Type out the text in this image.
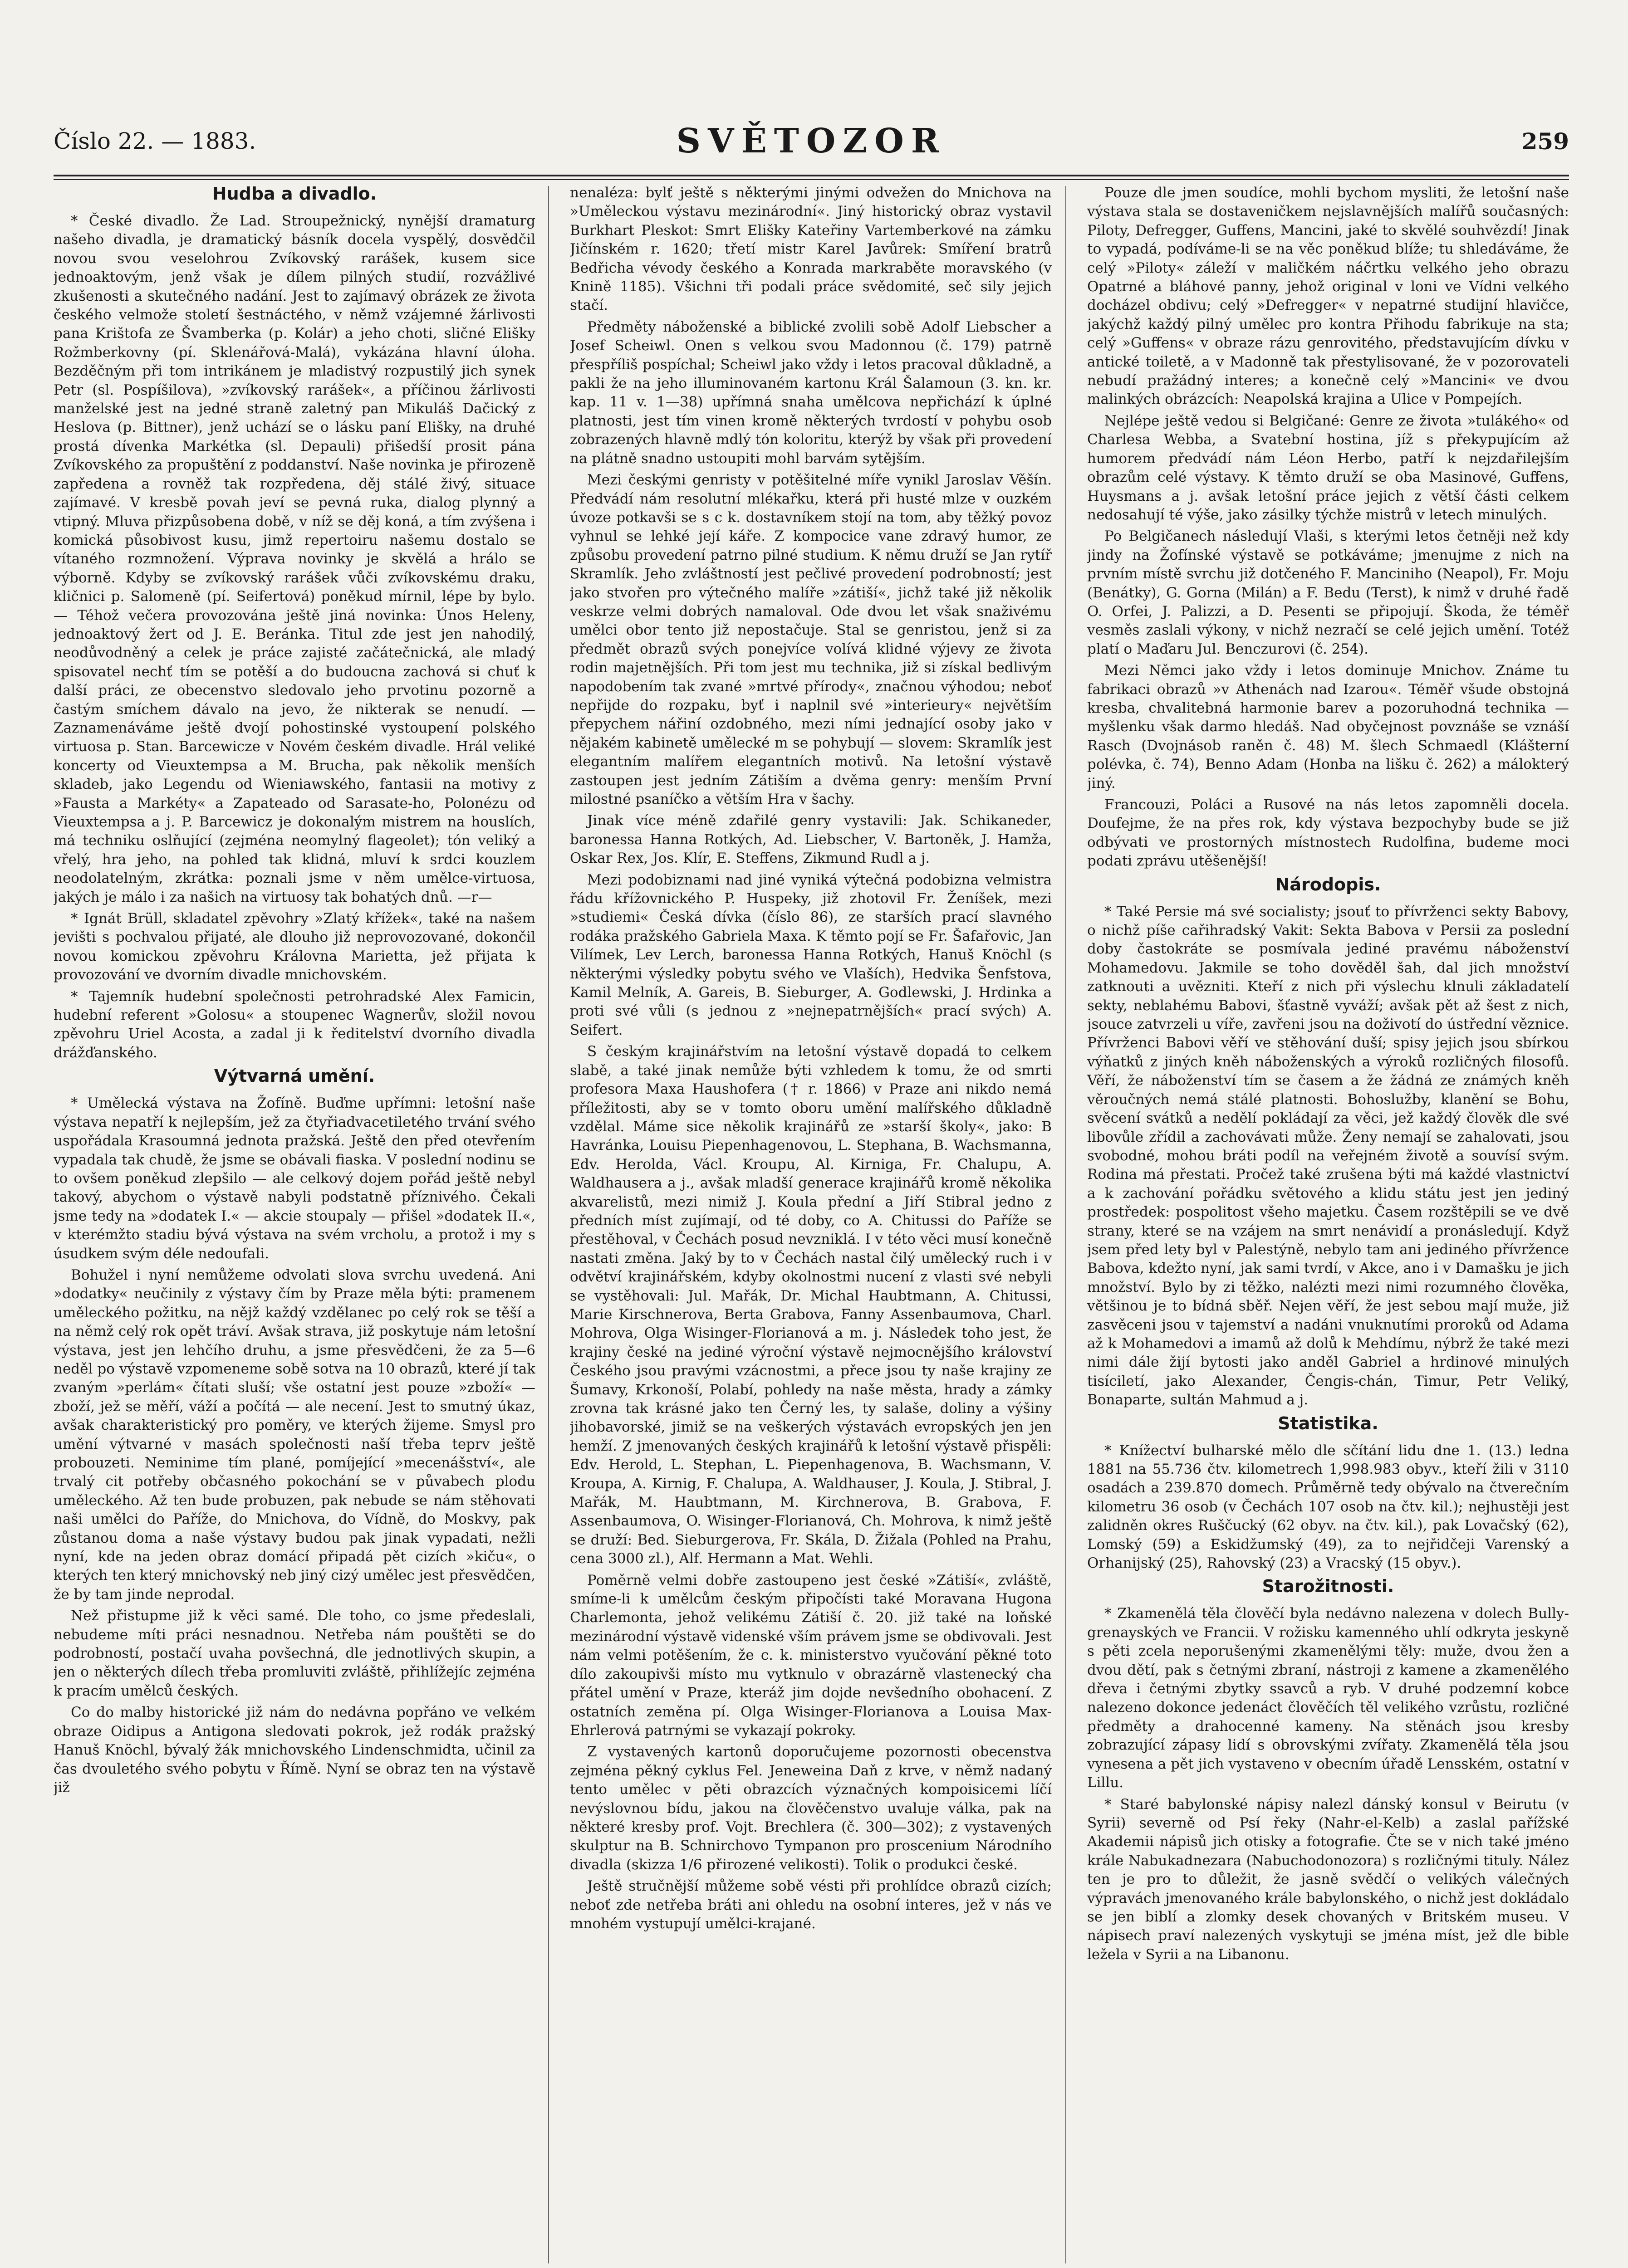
Číslo 22. — 1883.	SVĚTOZOR	259
Hudba a divadlo.

* České divadlo. Že Lad. Stroupežnický, nynější dramaturg našeho divadla, je dramatický básník docela vyspělý, dosvědčil novou svou veselohrou Zvíkovský rarášek, kusem sice jednoaktovým, jenž však je dílem pilných studií, rozvážlivé zkušenosti a skutečného nadání. Jest to zajímavý obrázek ze života českého velmože století šestnáctého, v němž vzájemné žárlivosti pana Krištofa ze Švamberka (p. Kolár) a jeho choti, sličné Elišky Rožmberkovny (pí. Sklenářová-Malá), vykázána hlavní úloha. Bezděčným při tom intrikánem je mladistvý rozpustilý jich synek Petr (sl. Pospíšilova), »zvíkovský rarášek«, a příčinou žárlivosti manželské jest na jedné straně zaletný pan Mikuláš Dačický z Heslova (p. Bittner), jenž uchází se o lásku paní Elišky, na druhé prostá dívenka Markétka (sl. Depauli) přišedší prosit pána Zvíkovského za propuštění z poddanství. Naše novinka je přirozeně zapředena a rovněž tak rozpředena, děj stálé živý, situace zajímavé. V kresbě povah jeví se pevná ruka, dialog plynný a vtipný. Mluva přizpůsobena době, v níž se děj koná, a tím zvýšena i komická působivost kusu, jimž repertoiru našemu dostalo se vítaného rozmnožení. Výprava novinky je skvělá a hrálo se výborně. Kdyby se zvíkovský rarášek vůči zvíkovskému draku, kličnici p. Salomeně (pí. Seifertová) poněkud mírnil, lépe by bylo. — Téhož večera provozována ještě jiná novinka: Únos Heleny, jednoaktový žert od J. E. Beránka. Titul zde jest jen nahodilý, neodůvodněný a celek je práce zajisté začátečnická, ale mladý spisovatel nechť tím se potěší a do budoucna zachová si chuť k další práci, ze obecenstvo sledovalo jeho prvotinu pozorně a častým smíchem dávalo na jevo, že nikterak se nenudí. — Zaznamenáváme ještě dvojí pohostinské vystoupení polského virtuosa p. Stan. Barcewicze v Novém českém divadle. Hrál veliké koncerty od Vieuxtempsa a M. Brucha, pak několik menších skladeb, jako Legendu od Wieniawského, fantasii na motivy z »Fausta a Markéty« a Zapateado od Sarasate-ho, Polonézu od Vieuxtempsa a j. P. Barcewicz je dokonalým mistrem na houslích, má techniku oslňující (zejména neomylný flageolet); tón veliký a vřelý, hra jeho, na pohled tak klidná, mluví k srdci kouzlem neodolatelným, zkrátka: poznali jsme v něm umělce-virtuosa, jakých je málo i za našich na virtuosy tak bohatých dnů. —r—

* Ignát Brüll, skladatel zpěvohry »Zlatý křížek«, také na našem jevišti s pochvalou přijaté, ale dlouho již neprovozované, dokončil novou komickou zpěvohru Královna Marietta, jež přijata k provozování ve dvorním divadle mnichovském.

* Tajemník hudební společnosti petrohradské Alex Famicin, hudební referent »Golosu« a stoupenec Wagnerův, složil novou zpěvohru Uriel Acosta, a zadal ji k ředitelství dvorního divadla drážďanského.

Výtvarná umění.

* Umělecká výstava na Žofíně. Buďme upřímni: letošní naše výstava nepatří k nejlepším, jež za čtyřiadvacetiletého trvání svého uspořádala Krasoumná jednota pražská. Ještě den před otevřením vypadala tak chudě, že jsme se obávali fiaska. V poslední nodinu se to ovšem poněkud zlepšilo — ale celkový dojem pořád ještě nebyl takový, abychom o výstavě nabyli podstatně příznivého. Čekali jsme tedy na »dodatek I.« — akcie stoupaly — přišel »dodatek II.«, v kterémžto stadiu bývá výstava na svém vrcholu, a protož i my s úsudkem svým déle nedoufali.

Bohužel i nyní nemůžeme odvolati slova svrchu uvedená. Ani »dodatky« neučinily z výstavy čím by Praze měla býti: pramenem uměleckého požitku, na nějž každý vzdělanec po celý rok se těší a na němž celý rok opět tráví. Avšak strava, již poskytuje nám letošní výstava, jest jen lehčího druhu, a jsme přesvědčeni, že za 5—6 neděl po výstavě vzpomeneme sobě sotva na 10 obrazů, které jí tak zvaným »perlám« čítati sluší; vše ostatní jest pouze »zboží« — zboží, jež se měří, váží a počítá — ale necení. Jest to smutný úkaz, avšak charakteristický pro poměry, ve kterých žijeme. Smysl pro umění výtvarné v masách společnosti naší třeba teprv ještě probouzeti. Neminime tím plané, pomíjející »mecenášství«, ale trvalý cit potřeby občasného pokochání se v půvabech plodu uměleckého. Až ten bude probuzen, pak nebude se nám stěhovati naši umělci do Paříže, do Mnichova, do Vídně, do Moskvy, pak zůstanou doma a naše výstavy budou pak jinak vypadati, nežli nyní, kde na jeden obraz domácí připadá pět cizích »kiču«, o kterých ten který mnichovský neb jiný cizý umělec jest přesvědčen, že by tam jinde neprodal.

Než přistupme již k věci samé. Dle toho, co jsme předeslali, nebudeme míti práci nesnadnou. Netřeba nám pouštěti se do podrobností, postačí uvaha povšechná, dle jednotlivých skupin, a jen o některých dílech třeba promluviti zvláště, přihlížejíc zejména k pracím umělců českých.

Co do malby historické již nám do nedávna popřáno ve velkém obraze Oidipus a Antigona sledovati pokrok, jež rodák pražský Hanuš Knöchl, bývalý žák mnichovského Lindenschmidta, učinil za čas dvouletého svého pobytu v Římě. Nyní se obraz ten na výstavě již

nenaléza: bylť ještě s některými jinými odvežen do Mnichova na »Uměleckou výstavu mezinárodní«. Jiný historický obraz vystavil Burkhart Pleskot: Smrt Elišky Kateřiny Vartemberkové na zámku Jičínském r. 1620; třetí mistr Karel Javůrek: Smíření bratrů Bedřicha vévody českého a Konrada markraběte moravského (v Knině 1185). Všichni tři podali práce svědomité, seč sily jejich stačí.

Předměty náboženské a biblické zvolili sobě Adolf Liebscher a Josef Scheiwl. Onen s velkou svou Madonnou (č. 179) patrně přespříliš pospíchal; Scheiwl jako vždy i letos pracoval důkladně, a pakli že na jeho illuminovaném kartonu Král Šalamoun (3. kn. kr. kap. 11 v. 1—38) upřímná snaha umělcova nepřichází k úplné platnosti, jest tím vinen kromě některých tvrdostí v pohybu osob zobrazených hlavně mdlý tón koloritu, kterýž by však při provedení na plátně snadno ustoupiti mohl barvám sytějším.

Mezi českými genristy v potěšitelné míře vynikl Jaroslav Věšín. Předvádí nám resolutní mlékařku, která při husté mlze v ouzkém úvoze potkavši se s c k. dostavníkem stojí na tom, aby těžký povoz vyhnul se lehké její káře. Z kompocice vane zdravý humor, ze způsobu provedení patrno pilné studium. K němu druží se Jan rytíř Skramlík. Jeho zvláštností jest pečlivé provedení podrobností; jest jako stvořen pro výtečného malíře »zátiší«, jichž také již několik veskrze velmi dobrých namaloval. Ode dvou let však snaživému umělci obor tento již nepostačuje. Stal se genristou, jenž si za předmět obrazů svých ponejvíce volívá klidné výjevy ze života rodin majetnějších. Při tom jest mu technika, již si získal bedlivým napodobením tak zvané »mrtvé přírody«, značnou výhodou; neboť nepřijde do rozpaku, byť i naplnil své »interieury« největším přepychem nářiní ozdobného, mezi ními jednající osoby jako v nějakém kabinetě umělecké m se pohybují — slovem: Skramlík jest elegantním malířem elegantních motivů. Na letošní výstavě zastoupen jest jedním Zátiším a dvěma genry: menším První milostné psaníčko a větším Hra v šachy.

Jinak více méně zdařilé genry vystavili: Jak. Schikaneder, baronessa Hanna Rotkých, Ad. Liebscher, V. Bartoněk, J. Hamža, Oskar Rex, Jos. Klír, E. Steffens, Zikmund Rudl a j.

Mezi podobiznami nad jiné vyniká výtečná podobizna velmistra řádu křížovnického P. Huspeky, již zhotovil Fr. Ženíšek, mezi »studiemi« Česká dívka (číslo 86), ze starších prací slavného rodáka pražského Gabriela Maxa. K těmto pojí se Fr. Šafařovic, Jan Vilímek, Lev Lerch, baronessa Hanna Rotkých, Hanuš Knöchl (s některými výsledky pobytu svého ve Vlaších), Hedvika Šenfstova, Kamil Melník, A. Gareis, B. Sieburger, A. Godlewski, J. Hrdinka a proti své vůli (s jednou z »nejnepatrnějších« prací svých) A. Seifert.

S českým krajinářstvím na letošní výstavě dopadá to celkem slabě, a také jinak nemůže býti vzhledem k tomu, že od smrti profesora Maxa Haushofera († r. 1866) v Praze ani nikdo nemá příležitosti, aby se v tomto oboru umění malířského důkladně vzdělal. Máme sice několik krajinářů ze »starší školy«, jako: B Havránka, Louisu Piepenhagenovou, L. Stephana, B. Wachsmanna, Edv. Herolda, Václ. Kroupu, Al. Kirniga, Fr. Chalupu, A. Waldhausera a j., avšak mladší generace krajinářů kromě několika akvarelistů, mezi nimiž J. Koula přední a Jiří Stibral jedno z předních míst zujímají, od té doby, co A. Chitussi do Paříže se přestěhoval, v Čechách posud nevzniklá. I v této věci musí konečně nastati změna. Jaký by to v Čechách nastal čilý umělecký ruch i v odvětví krajinářském, kdyby okolnostmi nucení z vlasti své nebyli se vystěhovali: Jul. Mařák, Dr. Michal Haubtmann, A. Chitussi, Marie Kirschnerova, Berta Grabova, Fanny Assenbaumova, Charl. Mohrova, Olga Wisinger-Florianová a m. j. Následek toho jest, že krajiny české na jediné výroční výstavě nejmocnějšího království Českého jsou pravými vzácnostmi, a přece jsou ty naše krajiny ze Šumavy, Krkonoší, Polabí, pohledy na naše města, hrady a zámky zrovna tak krásné jako ten Černý les, ty salaše, doliny a výšiny jihobavorské, jimiž se na veškerých výstavách evropských jen jen hemží. Z jmenovaných českých krajinářů k letošní výstavě přispěli: Edv. Herold, L. Stephan, L. Piepenhagenova, B. Wachsmann, V. Kroupa, A. Kirnig, F. Chalupa, A. Waldhauser, J. Koula, J. Stibral, J. Mařák, M. Haubtmann, M. Kirchnerova, B. Grabova, F. Assenbaumova, O. Wisinger-Florianová, Ch. Mohrova, k nimž ještě se druží: Bed. Sieburgerova, Fr. Skála, D. Žižala (Pohled na Prahu, cena 3000 zl.), Alf. Hermann a Mat. Wehli.

Poměrně velmi dobře zastoupeno jest české »Zátiší«, zvláště, smíme-li k umělcům českým připočísti také Moravana Hugona Charlemonta, jehož velikému Zátiší č. 20. již také na loňské mezinárodní výstavě videnské vším právem jsme se obdivovali. Jest nám velmi potěšením, že c. k. ministerstvo vyučování pěkné toto dílo zakoupivši místo mu vytknulo v obrazárně vlastenecký cha přátel umění v Praze, kteráž jim dojde nevšedního obohacení. Z ostatních zeměna pí. Olga Wisinger-Florianova a Louisa Max-Ehrlerová patrnými se vykazají pokroky.

Z vystavených kartonů doporučujeme pozornosti obecenstva zejména pěkný cyklus Fel. Jeneweina Daň z krve, v němž nadaný tento umělec v pěti obrazcích význačných kompoisicemi líčí nevýslovnou bídu, jakou na člověčenstvo uvaluje válka, pak na některé kresby prof. Vojt. Brechlera (č. 300—302); z vystavených skulptur na B. Schnirchovo Tympanon pro proscenium Národního divadla (skizza 1/6 přirozené velikosti). Tolik o produkci české.

Ještě stručnější můžeme sobě vésti při prohlídce obrazů cizích; neboť zde netřeba bráti ani ohledu na osobní interes, jež v nás ve mnohém vystupují umělci-krajané.

Pouze dle jmen soudíce, mohli bychom mysliti, že letošní naše výstava stala se dostaveničkem nejslavnějších malířů současných: Piloty, Defregger, Guffens, Mancini, jaké to skvělé souhvězdí! Jinak to vypadá, podíváme-li se na věc poněkud blíže; tu shledáváme, že celý »Piloty« záleží v maličkém náčrtku velkého jeho obrazu Opatrné a bláhové panny, jehož original v loni ve Vídni velkého docházel obdivu; celý »Defregger« v nepatrné studijní hlavičce, jakýchž každý pilný umělec pro kontra Přihodu fabrikuje na sta; celý »Guffens« v obraze rázu genrovitého, představujícím dívku v antické toiletě, a v Madonně tak přestylisované, že v pozorovateli nebudí pražádný interes; a konečně celý »Mancini« ve dvou malinkých obrázcích: Neapolská krajina a Ulice v Pompejích.

Nejlépe ještě vedou si Belgičané: Genre ze života »tulákého« od Charlesa Webba, a Svatební hostina, jíž s překypujícím až humorem předvádí nám Léon Herbo, patří k nejzdařilejším obrazům celé výstavy. K těmto druží se oba Masinové, Guffens, Huysmans a j. avšak letošní práce jejich z větší části celkem nedosahují té výše, jako zásilky týchže mistrů v letech minulých.

Po Belgičanech následují Vlaši, s kterými letos četněji než kdy jindy na Žofínské výstavě se potkáváme; jmenujme z nich na prvním místě svrchu již dotčeného F. Manciniho (Neapol), Fr. Moju (Benátky), G. Gorna (Milán) a F. Bedu (Terst), k nimž v druhé řadě O. Orfei, J. Palizzi, a D. Pesenti se připojují. Škoda, že téměř vesměs zaslali výkony, v nichž nezračí se celé jejich umění. Totéž platí o Maďaru Jul. Benczurovi (č. 254).

Mezi Němci jako vždy i letos dominuje Mnichov. Známe tu fabrikaci obrazů »v Athenách nad Izarou«. Téměř všude obstojná kresba, chvalitebná harmonie barev a pozoruhodná technika — myšlenku však darmo hledáš. Nad obyčejnost povznáše se vznáší Rasch (Dvojnásob raněn č. 48) M. šlech Schmaedl (Klášterní polévka, č. 74), Benno Adam (Honba na lišku č. 262) a málokterý jiný.

Francouzi, Poláci a Rusové na nás letos zapomněli docela. Doufejme, že na přes rok, kdy výstava bezpochyby bude se již odbývati ve prostorných místnostech Rudolfina, budeme moci podati zprávu utěšenější!

Národopis.

* Také Persie má své socialisty; jsouť to přívrženci sekty Babovy, o nichž píše cařihradský Vakit: Sekta Babova v Persii za poslední doby častokráte se posmívala jediné pravému náboženství Mohamedovu. Jakmile se toho dověděl šah, dal jich množství zatknouti a uvězniti. Kteří z nich při výslechu klnuli základatelí sekty, neblahému Babovi, šťastně vyváží; avšak pět až šest z nich, jsouce zatvrzeli u víře, zavřeni jsou na doživotí do ústřední věznice. Přívrženci Babovi věří ve stěhování duší; spisy jejich jsou sbírkou výňatků z jiných kněh náboženských a výroků rozličných filosofů. Věří, že náboženství tím se časem a že žádná ze známých kněh věroučných nemá stálé platnosti. Bohoslužby, klanění se Bohu, svěcení svátků a nedělí pokládají za věci, jež každý člověk dle své libovůle zřídil a zachovávati může. Ženy nemají se zahalovati, jsou svobodné, mohou bráti podíl na veřejném životě a souvísí svým. Rodina má přestati. Pročež také zrušena býti má každé vlastnictví a k zachování pořádku světového a klidu státu jest jen jediný prostředek: pospolitost všeho majetku. Časem rozštěpili se ve dvě strany, které se na vzájem na smrt nenávidí a pronásledují. Když jsem před lety byl v Palestýně, nebylo tam ani jediného přívržence Babova, kdežto nyní, jak sami tvrdí, v Akce, ano i v Damašku je jich množství. Bylo by zi těžko, nalézti mezi nimi rozumného člověka, většinou je to bídná sběř. Nejen věří, že jest sebou mají muže, již zasvěceni jsou v tajemství a nadáni vnuknutími proroků od Adama až k Mohamedovi a imamů až dolů k Mehdímu, nýbrž že také mezi nimi dále žijí bytosti jako anděl Gabriel a hrdinové minulých tisíciletí, jako Alexander, Čengis-chán, Timur, Petr Veliký, Bonaparte, sultán Mahmud a j.

Statistika.

* Knížectví bulharské mělo dle sčítání lidu dne 1. (13.) ledna 1881 na 55.736 čtv. kilometrech 1,998.983 obyv., kteří žili v 3110 osadách a 239.870 domech. Průměrně tedy obývalo na čtverečním kilometru 36 osob (v Čechách 107 osob na čtv. kil.); nejhustěji jest zalidněn okres Ruščucký (62 obyv. na čtv. kil.), pak Lovačský (62), Lomský (59) a Eskidžumský (49), za to nejřidčeji Varenský a Orhanijský (25), Rahovský (23) a Vracský (15 obyv.).

Starožitnosti.

* Zkamenělá těla člověčí byla nedávno nalezena v dolech Bully-grenayských ve Francii. V rožisku kamenného uhlí odkryta jeskyně s pěti zcela neporušenými zkamenělými těly: muže, dvou žen a dvou dětí, pak s četnými zbraní, nástroji z kamene a zkamenělého dřeva i četnými zbytky ssavců a ryb. V druhé podzemní kobce nalezeno dokonce jedenáct člověčích těl velikého vzrůstu, rozličné předměty a drahocenné kameny. Na stěnách jsou kresby zobrazující zápasy lidí s obrovskými zvířaty. Zkamenělá těla jsou vynesena a pět jich vystaveno v obecním úřadě Lensském, ostatní v Lillu.

* Staré babylonské nápisy nalezl dánský konsul v Beirutu (v Syrii) severně od Psí řeky (Nahr-el-Kelb) a zaslal pařížské Akademii nápisů jich otisky a fotografie. Čte se v nich také jméno krále Nabukadnezara (Nabuchodonozora) s rozličnými tituly. Nález ten je pro to důležit, že jasně svědčí o velikých válečných výpravách jmenovaného krále babylonského, o nichž jest dokládalo se jen biblí a zlomky desek chovaných v Britském museu. V nápisech praví nalezených vyskytuji se jména míst, jež dle bible ležela v Syrii a na Libanonu.
